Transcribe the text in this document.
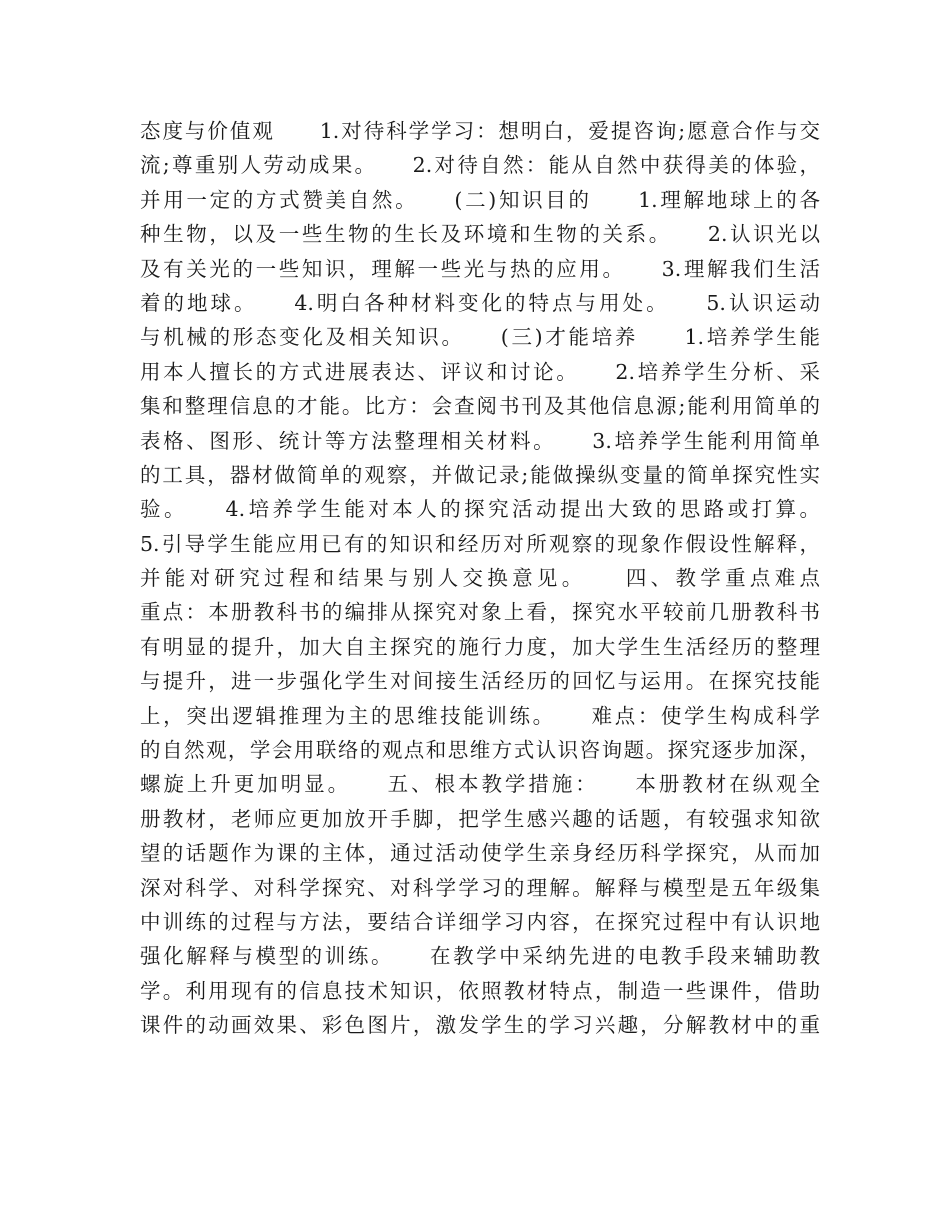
态度与价值观　　1.对待科学学习：想明白，爱提咨询;愿意合作与交
流;尊重别人劳动成果。　　2.对待自然：能从自然中获得美的体验，
并用一定的方式赞美自然。　　(二)知识目的　　1.理解地球上的各
种生物，以及一些生物的生长及环境和生物的关系。　　2.认识光以
及有关光的一些知识，理解一些光与热的应用。　　3.理解我们生活
着的地球。　　4.明白各种材料变化的特点与用处。　　5.认识运动
与机械的形态变化及相关知识。　　(三)才能培养　　1.培养学生能
用本人擅长的方式进展表达、评议和讨论。　　2.培养学生分析、采
集和整理信息的才能。比方：会查阅书刊及其他信息源;能利用简单的
表格、图形、统计等方法整理相关材料。　　3.培养学生能利用简单
的工具，器材做简单的观察，并做记录;能做操纵变量的简单探究性实
验。　　4.培养学生能对本人的探究活动提出大致的思路或打算。
5.引导学生能应用已有的知识和经历对所观察的现象作假设性解释，
并能对研究过程和结果与别人交换意见。　　四、教学重点难点
重点：本册教科书的编排从探究对象上看，探究水平较前几册教科书
有明显的提升，加大自主探究的施行力度，加大学生生活经历的整理
与提升，进一步强化学生对间接生活经历的回忆与运用。在探究技能
上，突出逻辑推理为主的思维技能训练。　　难点：使学生构成科学
的自然观，学会用联络的观点和思维方式认识咨询题。探究逐步加深，
螺旋上升更加明显。　　五、根本教学措施：　　本册教材在纵观全
册教材，老师应更加放开手脚，把学生感兴趣的话题，有较强求知欲
望的话题作为课的主体，通过活动使学生亲身经历科学探究，从而加
深对科学、对科学探究、对科学学习的理解。解释与模型是五年级集
中训练的过程与方法，要结合详细学习内容，在探究过程中有认识地
强化解释与模型的训练。　　在教学中采纳先进的电教手段来辅助教
学。利用现有的信息技术知识，依照教材特点，制造一些课件，借助
课件的动画效果、彩色图片，激发学生的学习兴趣，分解教材中的重
